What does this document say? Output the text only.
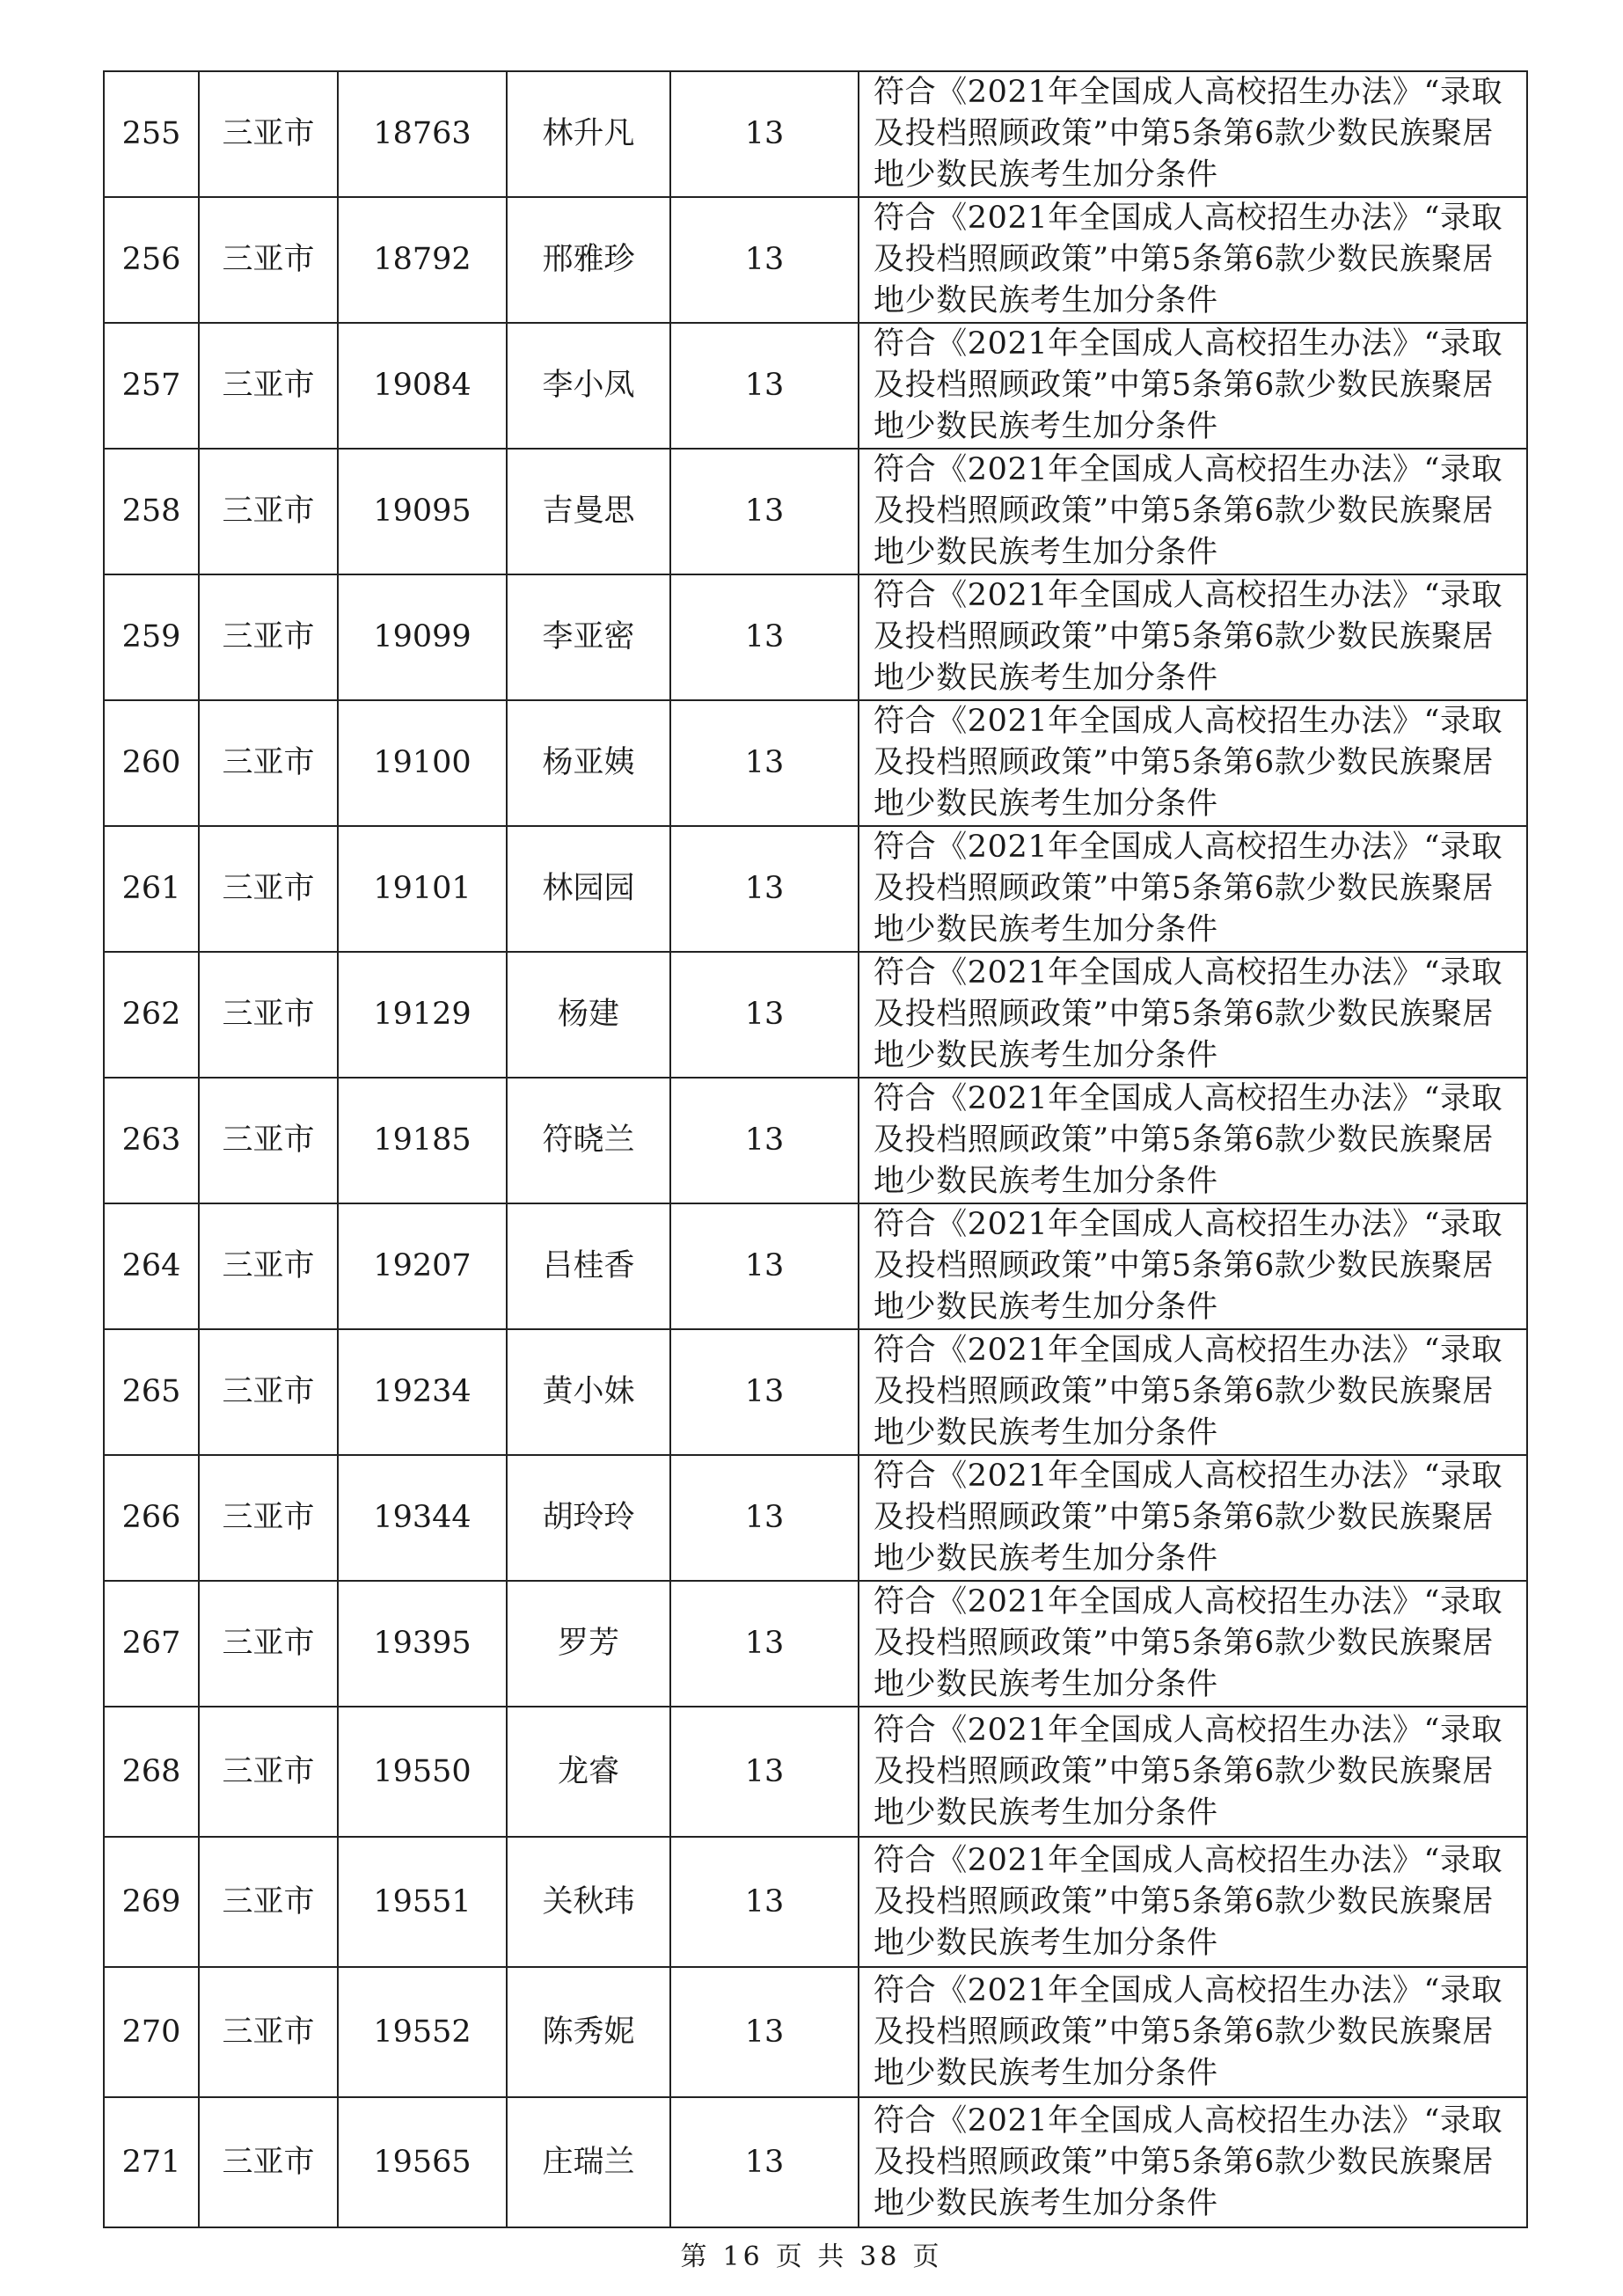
255	三亚市	18763	林升凡	13	符合《2021年全国成人高校招生办法》“录取及投档照顾政策”中第5条第6款少数民族聚居地少数民族考生加分条件
256	三亚市	18792	邢雅珍	13	符合《2021年全国成人高校招生办法》“录取及投档照顾政策”中第5条第6款少数民族聚居地少数民族考生加分条件
257	三亚市	19084	李小凤	13	符合《2021年全国成人高校招生办法》“录取及投档照顾政策”中第5条第6款少数民族聚居地少数民族考生加分条件
258	三亚市	19095	吉曼思	13	符合《2021年全国成人高校招生办法》“录取及投档照顾政策”中第5条第6款少数民族聚居地少数民族考生加分条件
259	三亚市	19099	李亚密	13	符合《2021年全国成人高校招生办法》“录取及投档照顾政策”中第5条第6款少数民族聚居地少数民族考生加分条件
260	三亚市	19100	杨亚姨	13	符合《2021年全国成人高校招生办法》“录取及投档照顾政策”中第5条第6款少数民族聚居地少数民族考生加分条件
261	三亚市	19101	林园园	13	符合《2021年全国成人高校招生办法》“录取及投档照顾政策”中第5条第6款少数民族聚居地少数民族考生加分条件
262	三亚市	19129	杨建	13	符合《2021年全国成人高校招生办法》“录取及投档照顾政策”中第5条第6款少数民族聚居地少数民族考生加分条件
263	三亚市	19185	符晓兰	13	符合《2021年全国成人高校招生办法》“录取及投档照顾政策”中第5条第6款少数民族聚居地少数民族考生加分条件
264	三亚市	19207	吕桂香	13	符合《2021年全国成人高校招生办法》“录取及投档照顾政策”中第5条第6款少数民族聚居地少数民族考生加分条件
265	三亚市	19234	黄小妹	13	符合《2021年全国成人高校招生办法》“录取及投档照顾政策”中第5条第6款少数民族聚居地少数民族考生加分条件
266	三亚市	19344	胡玲玲	13	符合《2021年全国成人高校招生办法》“录取及投档照顾政策”中第5条第6款少数民族聚居地少数民族考生加分条件
267	三亚市	19395	罗芳	13	符合《2021年全国成人高校招生办法》“录取及投档照顾政策”中第5条第6款少数民族聚居地少数民族考生加分条件
268	三亚市	19550	龙睿	13	符合《2021年全国成人高校招生办法》“录取及投档照顾政策”中第5条第6款少数民族聚居地少数民族考生加分条件
269	三亚市	19551	关秋玮	13	符合《2021年全国成人高校招生办法》“录取及投档照顾政策”中第5条第6款少数民族聚居地少数民族考生加分条件
270	三亚市	19552	陈秀妮	13	符合《2021年全国成人高校招生办法》“录取及投档照顾政策”中第5条第6款少数民族聚居地少数民族考生加分条件
271	三亚市	19565	庄瑞兰	13	符合《2021年全国成人高校招生办法》“录取及投档照顾政策”中第5条第6款少数民族聚居地少数民族考生加分条件
第 16 页 共 38 页
